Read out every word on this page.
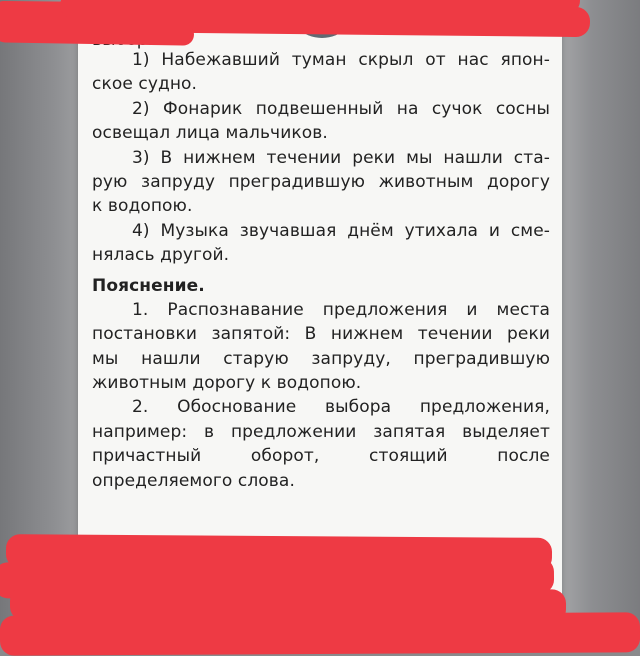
1) Набежавший туман скрыл от нас япон-
ское судно.
2) Фонарик подвешенный на сучок сосны
освещал лица мальчиков.
3) В нижнем течении реки мы нашли ста-
рую запруду преградившую животным дорогу
к водопою.
4) Музыка звучавшая днём утихала и сме-
нялась другой.
Пояснение.
1. Распознавание предложения и места
постановки запятой: В нижнем течении реки
мы нашли старую запруду, преградившую
животным дорогу к водопою.
2. Обоснование выбора предложения,
например: в предложении запятая выделяет
причастный оборот, стоящий после
определяемого слова.
